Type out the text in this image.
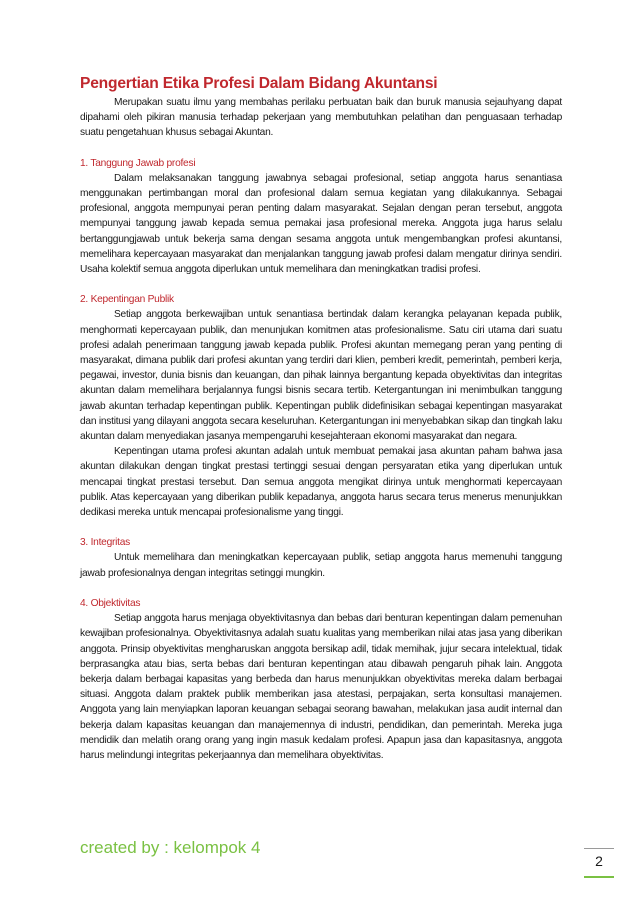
Pengertian Etika Profesi Dalam Bidang Akuntansi

Merupakan suatu ilmu yang membahas perilaku perbuatan baik dan buruk manusia sejauhyang dapat dipahami oleh pikiran manusia terhadap pekerjaan yang membutuhkan pelatihan dan penguasaan terhadap suatu pengetahuan khusus sebagai Akuntan.

1. Tanggung Jawab profesi

Dalam melaksanakan tanggung jawabnya sebagai profesional, setiap anggota harus senantiasa menggunakan pertimbangan moral dan profesional dalam semua kegiatan yang dilakukannya. Sebagai profesional, anggota mempunyai peran penting dalam masyarakat. Sejalan dengan peran tersebut, anggota mempunyai tanggung jawab kepada semua pemakai jasa profesional mereka. Anggota juga harus selalu bertanggungjawab untuk bekerja sama dengan sesama anggota untuk mengembangkan profesi akuntansi, memelihara kepercayaan masyarakat dan menjalankan tanggung jawab profesi dalam mengatur dirinya sendiri. Usaha kolektif semua anggota diperlukan untuk memelihara dan meningkatkan tradisi profesi.

2. Kepentingan Publik

Setiap anggota berkewajiban untuk senantiasa bertindak dalam kerangka pelayanan kepada publik, menghormati kepercayaan publik, dan menunjukan komitmen atas profesionalisme. Satu ciri utama dari suatu profesi adalah penerimaan tanggung jawab kepada publik. Profesi akuntan memegang peran yang penting di masyarakat, dimana publik dari profesi akuntan yang terdiri dari klien, pemberi kredit, pemerintah, pemberi kerja, pegawai, investor, dunia bisnis dan keuangan, dan pihak lainnya bergantung kepada obyektivitas dan integritas akuntan dalam memelihara berjalannya fungsi bisnis secara tertib. Ketergantungan ini menimbulkan tanggung jawab akuntan terhadap kepentingan publik. Kepentingan publik didefinisikan sebagai kepentingan masyarakat dan institusi yang dilayani anggota secara keseluruhan. Ketergantungan ini menyebabkan sikap dan tingkah laku akuntan dalam menyediakan jasanya mempengaruhi kesejahteraan ekonomi masyarakat dan negara.

Kepentingan utama profesi akuntan adalah untuk membuat pemakai jasa akuntan paham bahwa jasa akuntan dilakukan dengan tingkat prestasi tertinggi sesuai dengan persyaratan etika yang diperlukan untuk mencapai tingkat prestasi tersebut. Dan semua anggota mengikat dirinya untuk menghormati kepercayaan publik. Atas kepercayaan yang diberikan publik kepadanya, anggota harus secara terus menerus menunjukkan dedikasi mereka untuk mencapai profesionalisme yang tinggi.

3. Integritas

Untuk memelihara dan meningkatkan kepercayaan publik, setiap anggota harus memenuhi tanggung jawab profesionalnya dengan integritas setinggi mungkin.

4. Objektivitas

Setiap anggota harus menjaga obyektivitasnya dan bebas dari benturan kepentingan dalam pemenuhan kewajiban profesionalnya. Obyektivitasnya adalah suatu kualitas yang memberikan nilai atas jasa yang diberikan anggota. Prinsip obyektivitas mengharuskan anggota bersikap adil, tidak memihak, jujur secara intelektual, tidak berprasangka atau bias, serta bebas dari benturan kepentingan atau dibawah pengaruh pihak lain. Anggota bekerja dalam berbagai kapasitas yang berbeda dan harus menunjukkan obyektivitas mereka dalam berbagai situasi. Anggota dalam praktek publik memberikan jasa atestasi, perpajakan, serta konsultasi manajemen. Anggota yang lain menyiapkan laporan keuangan sebagai seorang bawahan, melakukan jasa audit internal dan bekerja dalam kapasitas keuangan dan manajemennya di industri, pendidikan, dan pemerintah. Mereka juga mendidik dan melatih orang orang yang ingin masuk kedalam profesi. Apapun jasa dan kapasitasnya, anggota harus melindungi integritas pekerjaannya dan memelihara obyektivitas.

created by : kelompok 4
2
